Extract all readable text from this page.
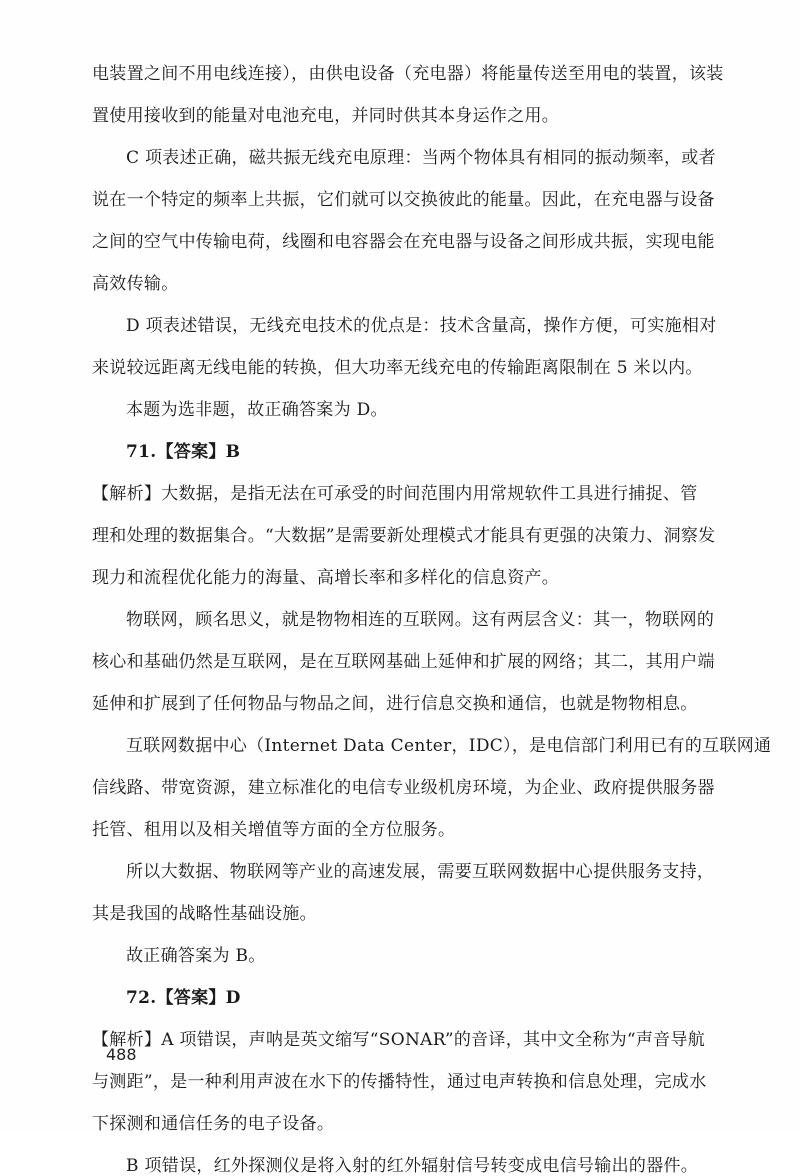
电装置之间不用电线连接），由供电设备（充电器）将能量传送至用电的装置，该装

置使用接收到的能量对电池充电，并同时供其本身运作之用。

C 项表述正确，磁共振无线充电原理：当两个物体具有相同的振动频率，或者

说在一个特定的频率上共振，它们就可以交换彼此的能量。因此，在充电器与设备

之间的空气中传输电荷，线圈和电容器会在充电器与设备之间形成共振，实现电能

高效传输。

D 项表述错误，无线充电技术的优点是：技术含量高，操作方便，可实施相对

来说较远距离无线电能的转换，但大功率无线充电的传输距离限制在 5 米以内。

本题为选非题，故正确答案为 D。

71.【答案】B

【解析】大数据，是指无法在可承受的时间范围内用常规软件工具进行捕捉、管

理和处理的数据集合。“大数据”是需要新处理模式才能具有更强的决策力、洞察发

现力和流程优化能力的海量、高增长率和多样化的信息资产。

物联网，顾名思义，就是物物相连的互联网。这有两层含义：其一，物联网的

核心和基础仍然是互联网，是在互联网基础上延伸和扩展的网络；其二，其用户端

延伸和扩展到了任何物品与物品之间，进行信息交换和通信，也就是物物相息。

互联网数据中心（Internet Data Center，IDC），是电信部门利用已有的互联网通

信线路、带宽资源，建立标准化的电信专业级机房环境，为企业、政府提供服务器

托管、租用以及相关增值等方面的全方位服务。

所以大数据、物联网等产业的高速发展，需要互联网数据中心提供服务支持，

其是我国的战略性基础设施。

故正确答案为 B。

72.【答案】D

【解析】A 项错误，声呐是英文缩写“SONAR”的音译，其中文全称为“声音导航

与测距”，是一种利用声波在水下的传播特性，通过电声转换和信息处理，完成水

下探测和通信任务的电子设备。

B 项错误，红外探测仪是将入射的红外辐射信号转变成电信号输出的器件。

488
